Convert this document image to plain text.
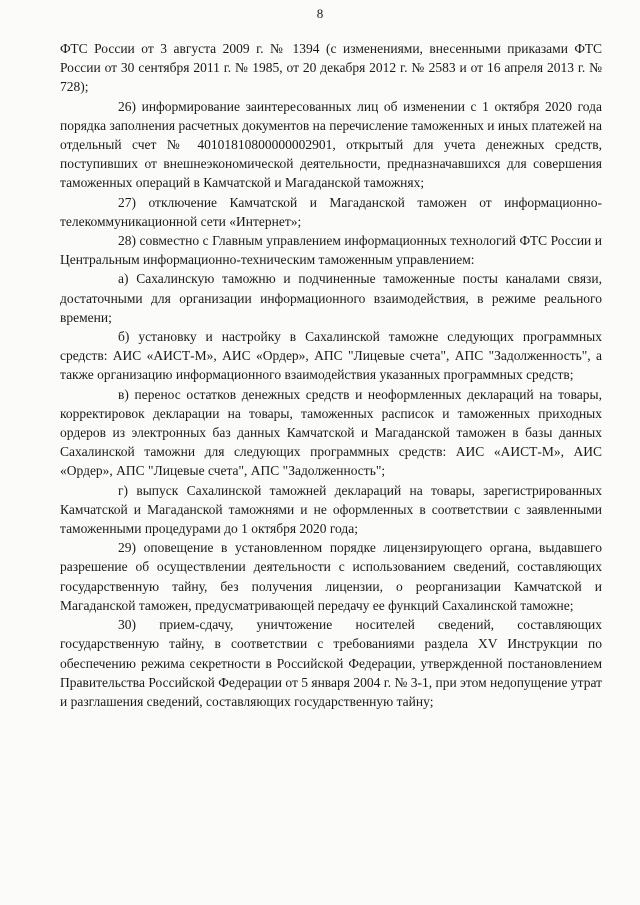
8

ФТС России от 3 августа 2009 г. № 1394 (с изменениями, внесенными приказами ФТС России от 30 сентября 2011 г. № 1985, от 20 декабря 2012 г. № 2583 и от 16 апреля 2013 г. № 728);

26) информирование заинтересованных лиц об изменении с 1 октября 2020 года порядка заполнения расчетных документов на перечисление таможенных и иных платежей на отдельный счет № 40101810800000002901, открытый для учета денежных средств, поступивших от внешнеэкономической деятельности, предназначавшихся для совершения таможенных операций в Камчатской и Магаданской таможнях;

27) отключение Камчатской и Магаданской таможен от информационно-телекоммуникационной сети «Интернет»;

28) совместно с Главным управлением информационных технологий ФТС России и Центральным информационно-техническим таможенным управлением:

а) Сахалинскую таможню и подчиненные таможенные посты каналами связи, достаточными для организации информационного взаимодействия, в режиме реального времени;

б) установку и настройку в Сахалинской таможне следующих программных средств: АИС «АИСТ-М», АИС «Ордер», АПС "Лицевые счета", АПС "Задолженность", а также организацию информационного взаимодействия указанных программных средств;

в) перенос остатков денежных средств и неоформленных деклараций на товары, корректировок декларации на товары, таможенных расписок и таможенных приходных ордеров из электронных баз данных Камчатской и Магаданской таможен в базы данных Сахалинской таможни для следующих программных средств: АИС «АИСТ-М», АИС «Ордер», АПС "Лицевые счета", АПС "Задолженность";

г) выпуск Сахалинской таможней деклараций на товары, зарегистрированных Камчатской и Магаданской таможнями и не оформленных в соответствии с заявленными таможенными процедурами до 1 октября 2020 года;

29) оповещение в установленном порядке лицензирующего органа, выдавшего разрешение об осуществлении деятельности с использованием сведений, составляющих государственную тайну, без получения лицензии, о реорганизации Камчатской и Магаданской таможен, предусматривающей передачу ее функций Сахалинской таможне;

30) прием-сдачу, уничтожение носителей сведений, составляющих государственную тайну, в соответствии с требованиями раздела XV Инструкции по обеспечению режима секретности в Российской Федерации, утвержденной постановлением Правительства Российской Федерации от 5 января 2004 г. № 3-1, при этом недопущение утрат и разглашения сведений, составляющих государственную тайну;
